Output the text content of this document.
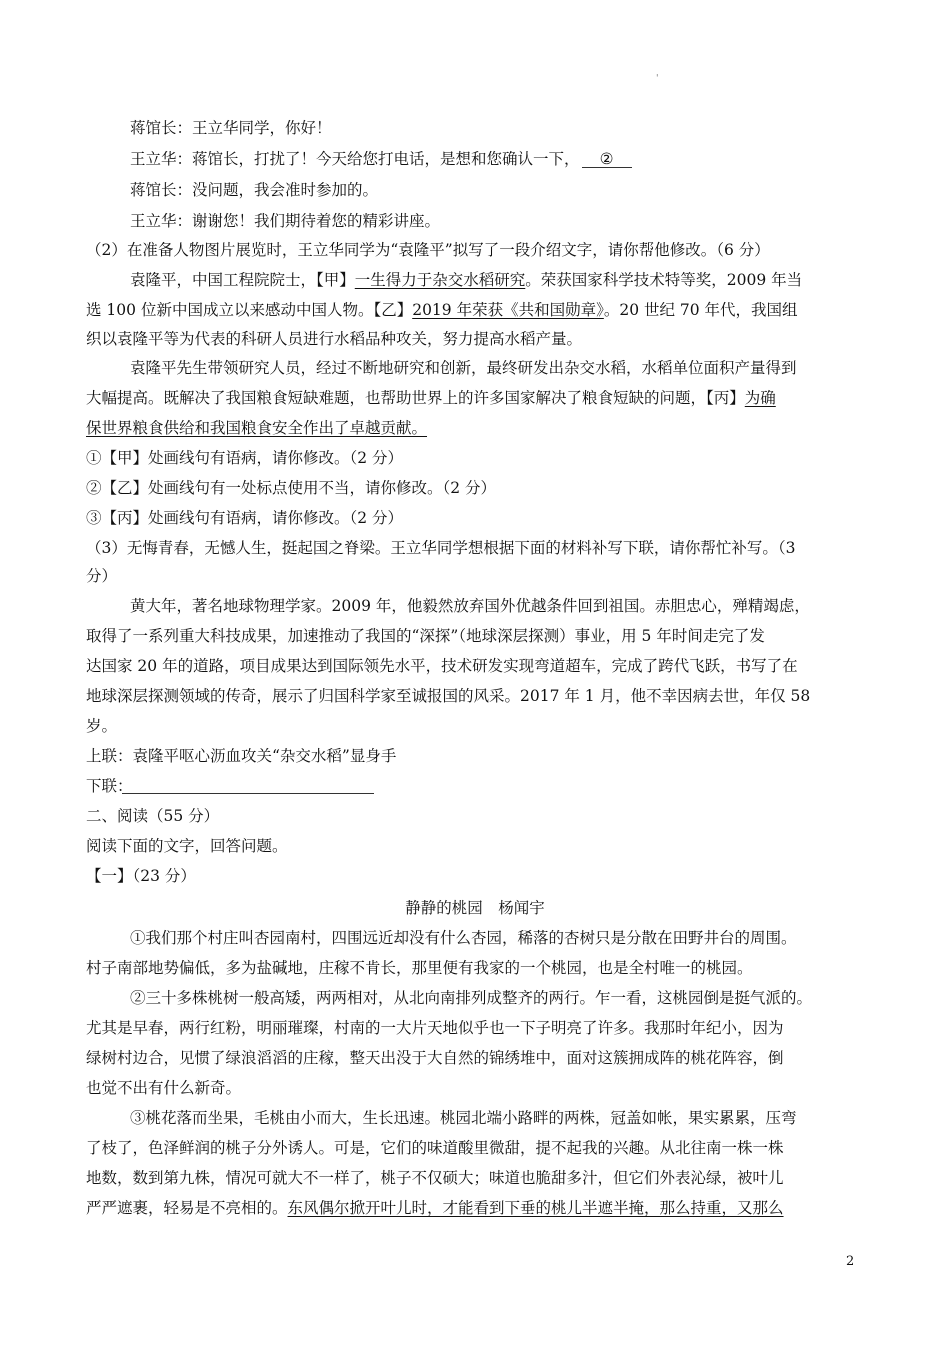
'
蒋馆长：王立华同学，你好！
王立华：蒋馆长，打扰了！今天给您打电话，是想和您确认一下， ②
蒋馆长：没问题，我会准时参加的。
王立华：谢谢您！我们期待着您的精彩讲座。
（2）在准备人物图片展览时，王立华同学为“袁隆平”拟写了一段介绍文字，请你帮他修改。（6 分）
袁隆平，中国工程院院士，【甲】一生得力于杂交水稻研究。荣获国家科学技术特等奖，2009 年当
选 100 位新中国成立以来感动中国人物。【乙】2019 年荣获《共和国勋章》。20 世纪 70 年代，我国组
织以袁隆平等为代表的科研人员进行水稻品种攻关，努力提高水稻产量。
袁隆平先生带领研究人员，经过不断地研究和创新，最终研发出杂交水稻，水稻单位面积产量得到
大幅提高。既解决了我国粮食短缺难题，也帮助世界上的许多国家解决了粮食短缺的问题，【丙】为确
保世界粮食供给和我国粮食安全作出了卓越贡献。
①【甲】处画线句有语病，请你修改。（2 分）
②【乙】处画线句有一处标点使用不当，请你修改。（2 分）
③【丙】处画线句有语病，请你修改。（2 分）
（3）无悔青春，无憾人生，挺起国之脊梁。王立华同学想根据下面的材料补写下联，请你帮忙补写。（3
分）
黄大年，著名地球物理学家。2009 年，他毅然放弃国外优越条件回到祖国。赤胆忠心，殚精竭虑，
取得了一系列重大科技成果，加速推动了我国的“深探”（地球深层探测）事业，用 5 年时间走完了发
达国家 20 年的道路，项目成果达到国际领先水平，技术研发实现弯道超车，完成了跨代飞跃，书写了在
地球深层探测领域的传奇，展示了归国科学家至诚报国的风采。2017 年 1 月，他不幸因病去世，年仅 58
岁。
上联：袁隆平呕心沥血攻关“杂交水稻”显身手
下联：
二、阅读（55 分）
阅读下面的文字，回答问题。
【一】（23 分）
静静的桃园　杨闻宇
①我们那个村庄叫杏园南村，四围远近却没有什么杏园，稀落的杏树只是分散在田野井台的周围。
村子南部地势偏低，多为盐碱地，庄稼不肯长，那里便有我家的一个桃园，也是全村唯一的桃园。
②三十多株桃树一般高矮，两两相对，从北向南排列成整齐的两行。乍一看，这桃园倒是挺气派的。
尤其是早春，两行红粉，明丽璀璨，村南的一大片天地似乎也一下子明亮了许多。我那时年纪小，因为
绿树村边合，见惯了绿浪滔滔的庄稼，整天出没于大自然的锦绣堆中，面对这簇拥成阵的桃花阵容，倒
也觉不出有什么新奇。
③桃花落而坐果，毛桃由小而大，生长迅速。桃园北端小路畔的两株，冠盖如帐，果实累累，压弯
了枝了，色泽鲜润的桃子分外诱人。可是，它们的味道酸里微甜，提不起我的兴趣。从北往南一株一株
地数，数到第九株，情况可就大不一样了，桃子不仅硕大；味道也脆甜多汁，但它们外表沁绿，被叶儿
严严遮裹，轻易是不亮相的。东风偶尔掀开叶儿时，才能看到下垂的桃儿半遮半掩，那么持重，又那么
2
